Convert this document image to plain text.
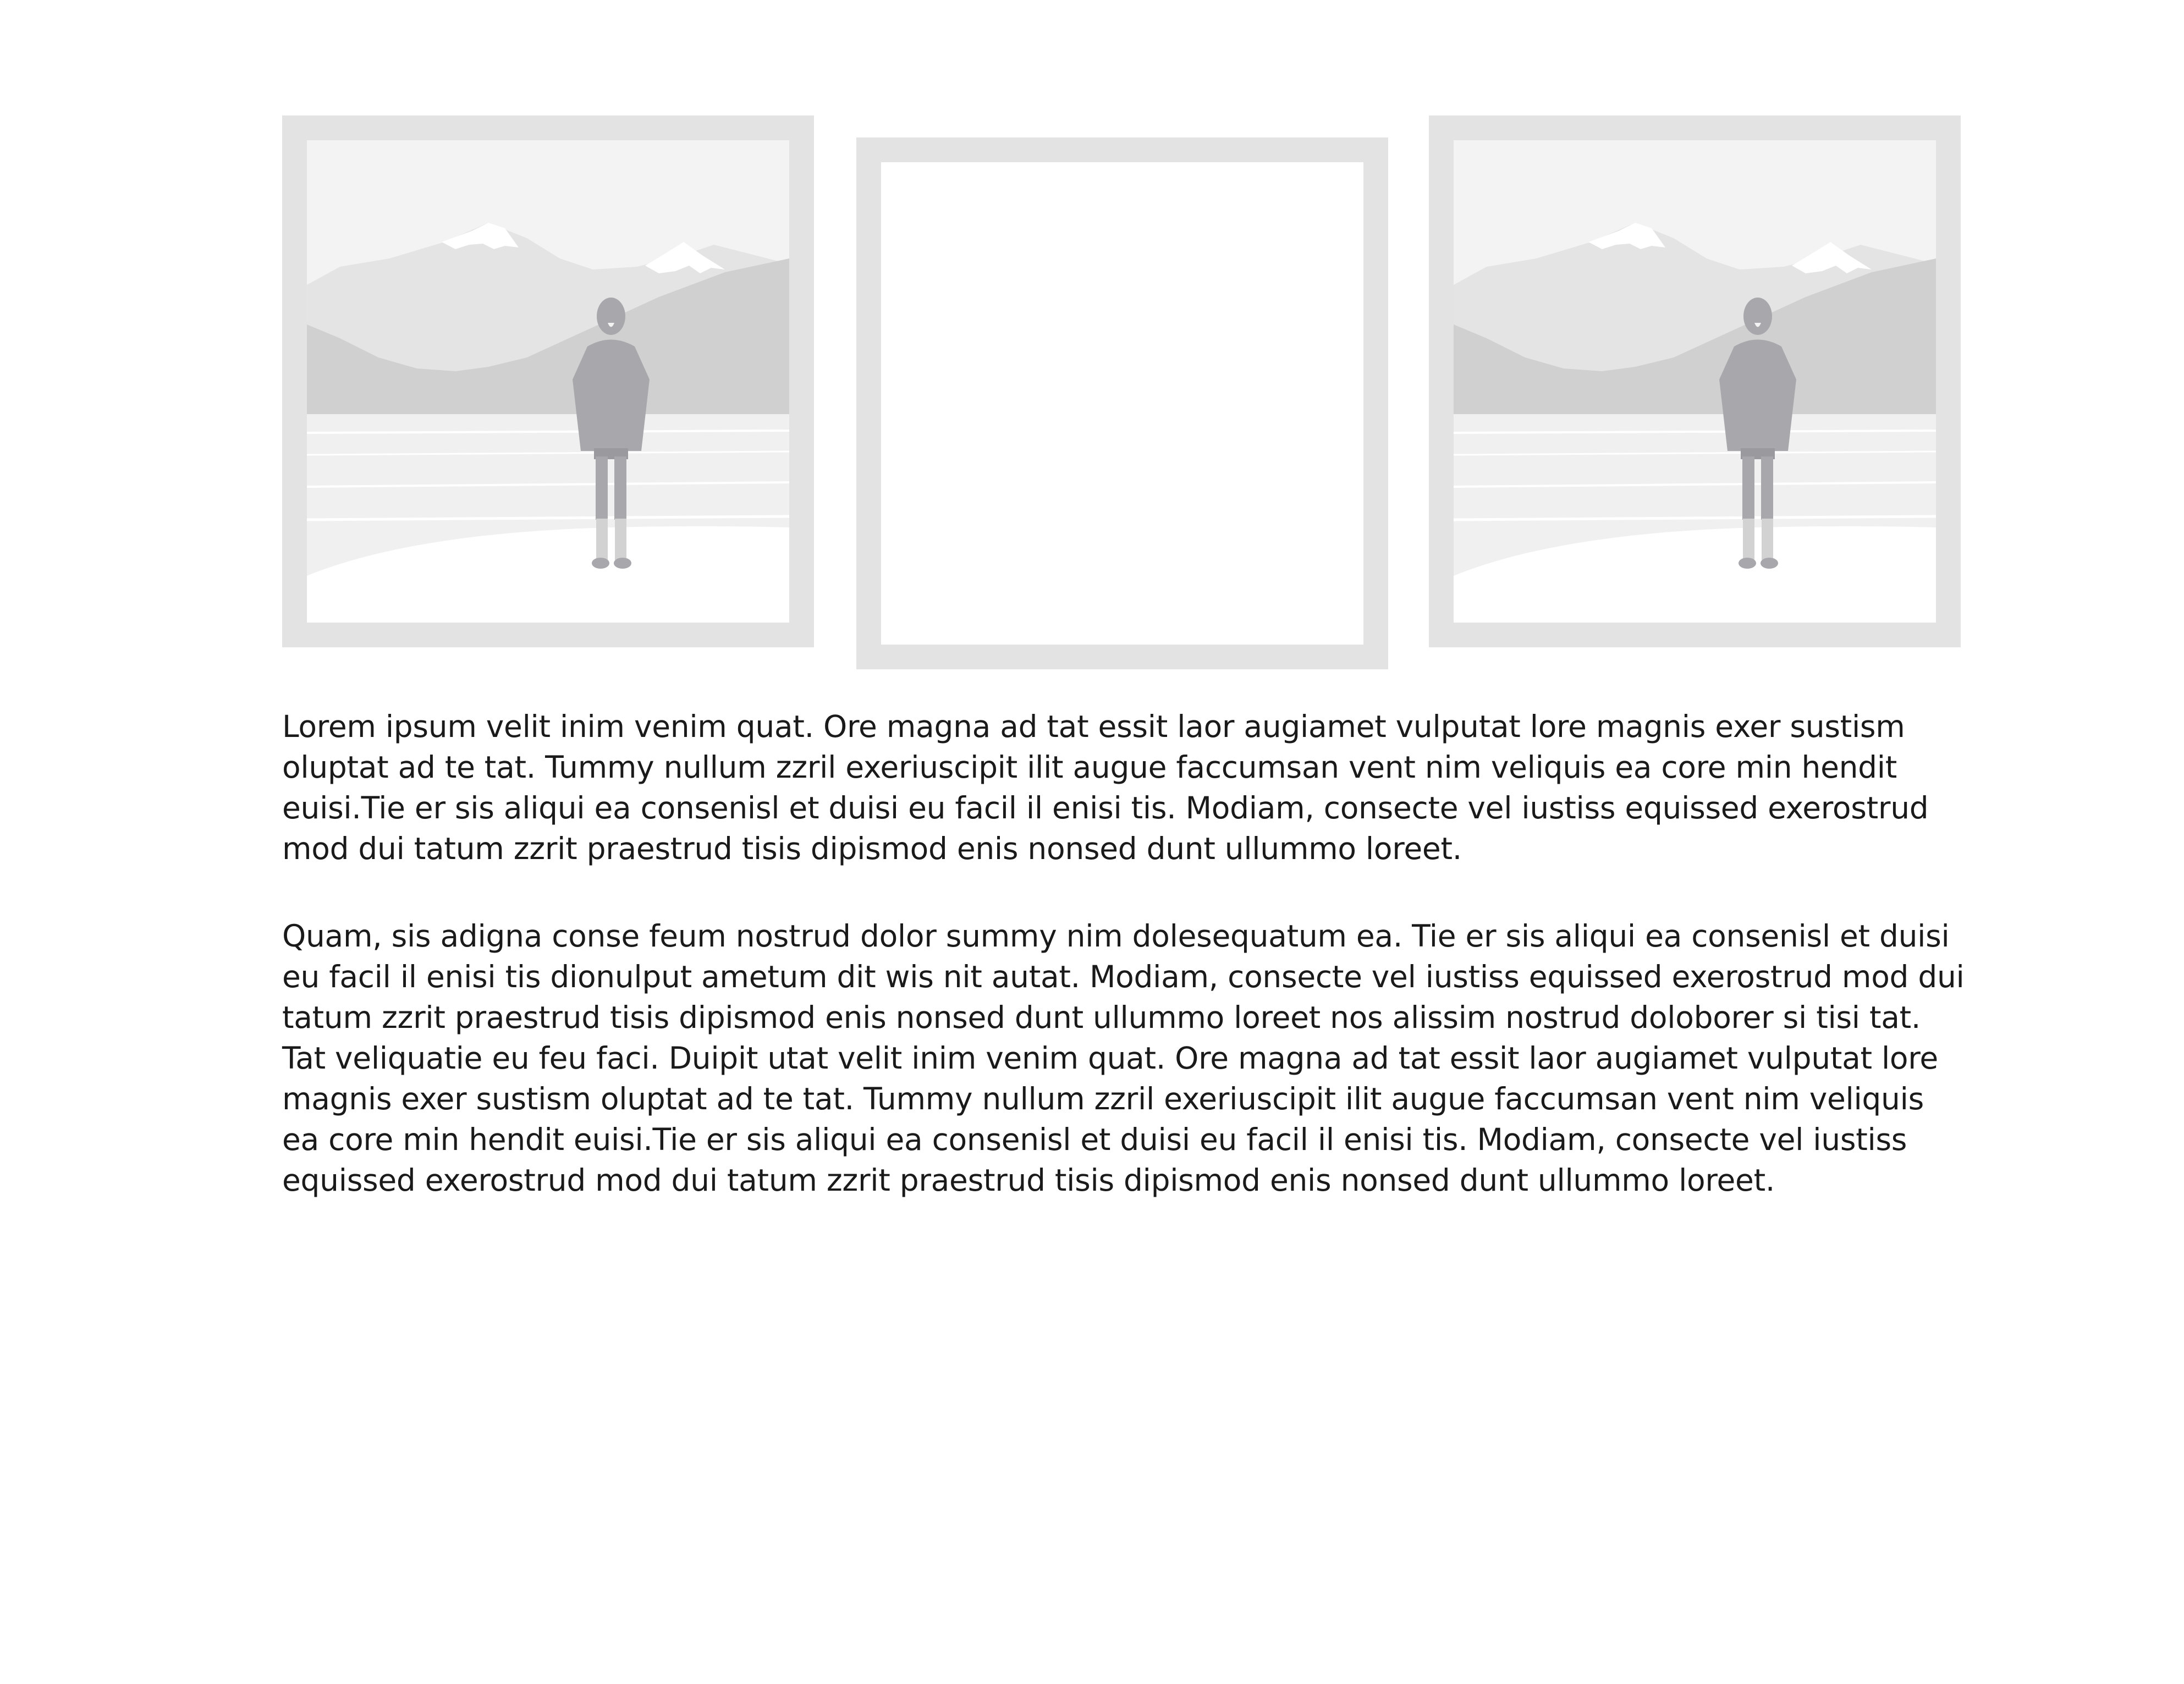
Lorem ipsum velit inim venim quat. Ore magna ad tat essit laor augiamet vulputat lore magnis exer sustism oluptat ad te tat. Tummy nullum zzril exeriuscipit ilit augue faccumsan vent nim veliquis ea core min hendit euisi.Tie er sis aliqui ea consenisl et duisi eu facil il enisi tis. Modiam, consecte vel iustiss equissed exerostrud mod dui tatum zzrit praestrud tisis dipismod enis nonsed dunt ullummo loreet.

Quam, sis adigna conse feum nostrud dolor summy nim dolesequatum ea. Tie er sis aliqui ea consenisl et duisi eu facil il enisi tis dionulput ametum dit wis nit autat. Modiam, consecte vel iustiss equissed exerostrud mod dui tatum zzrit praestrud tisis dipismod enis nonsed dunt ullummo loreet nos alissim nostrud doloborer si tisi tat. Tat veliquatie eu feu faci. Duipit utat velit inim venim quat. Ore magna ad tat essit laor augiamet vulputat lore magnis exer sustism oluptat ad te tat. Tummy nullum zzril exeriuscipit ilit augue faccumsan vent nim veliquis ea core min hendit euisi.Tie er sis aliqui ea consenisl et duisi eu facil il enisi tis. Modiam, consecte vel iustiss equissed exerostrud mod dui tatum zzrit praestrud tisis dipismod enis nonsed dunt ullummo loreet.
